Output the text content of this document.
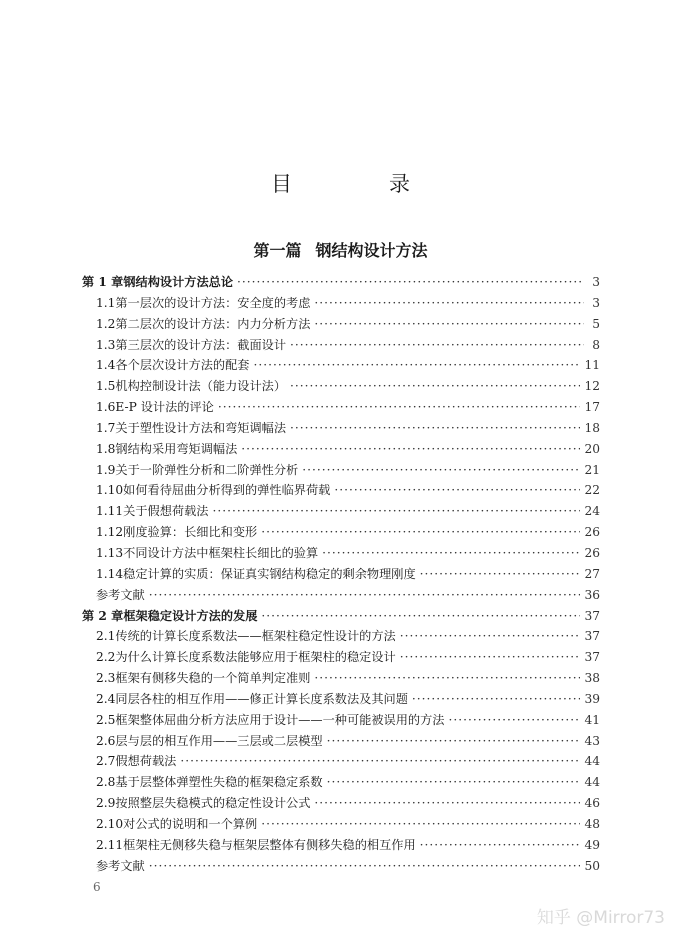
目　录
第一篇 钢结构设计方法
第 1 章 钢结构设计方法总论 ·····	3
1.1 第一层次的设计方法：安全度的考虑 ·····	3
1.2 第二层次的设计方法：内力分析方法 ·····	5
1.3 第三层次的设计方法：截面设计 ·····	8
1.4 各个层次设计方法的配套 ·····	11
1.5 机构控制设计法（能力设计法） ·····	12
1.6 E-P 设计法的评论 ·····	17
1.7 关于塑性设计方法和弯矩调幅法 ·····	18
1.8 钢结构采用弯矩调幅法 ·····	20
1.9 关于一阶弹性分析和二阶弹性分析 ·····	21
1.10 如何看待屈曲分析得到的弹性临界荷载 ·····	22
1.11 关于假想荷载法 ·····	24
1.12 刚度验算：长细比和变形 ·····	26
1.13 不同设计方法中框架柱长细比的验算 ·····	26
1.14 稳定计算的实质：保证真实钢结构稳定的剩余物理刚度 ·····	27
参考文献 ·····	36
第 2 章 框架稳定设计方法的发展 ·····	37
2.1 传统的计算长度系数法——框架柱稳定性设计的方法 ·····	37
2.2 为什么计算长度系数法能够应用于框架柱的稳定设计 ·····	37
2.3 框架有侧移失稳的一个简单判定准则 ·····	38
2.4 同层各柱的相互作用——修正计算长度系数法及其问题 ·····	39
2.5 框架整体屈曲分析方法应用于设计——一种可能被误用的方法 ·····	41
2.6 层与层的相互作用——三层或二层模型 ·····	43
2.7 假想荷载法 ·····	44
2.8 基于层整体弹塑性失稳的框架稳定系数 ·····	44
2.9 按照整层失稳模式的稳定性设计公式 ·····	46
2.10 对公式的说明和一个算例 ·····	48
2.11 框架柱无侧移失稳与框架层整体有侧移失稳的相互作用 ·····	49
参考文献 ·····	50
6
知乎 @Mirror73
